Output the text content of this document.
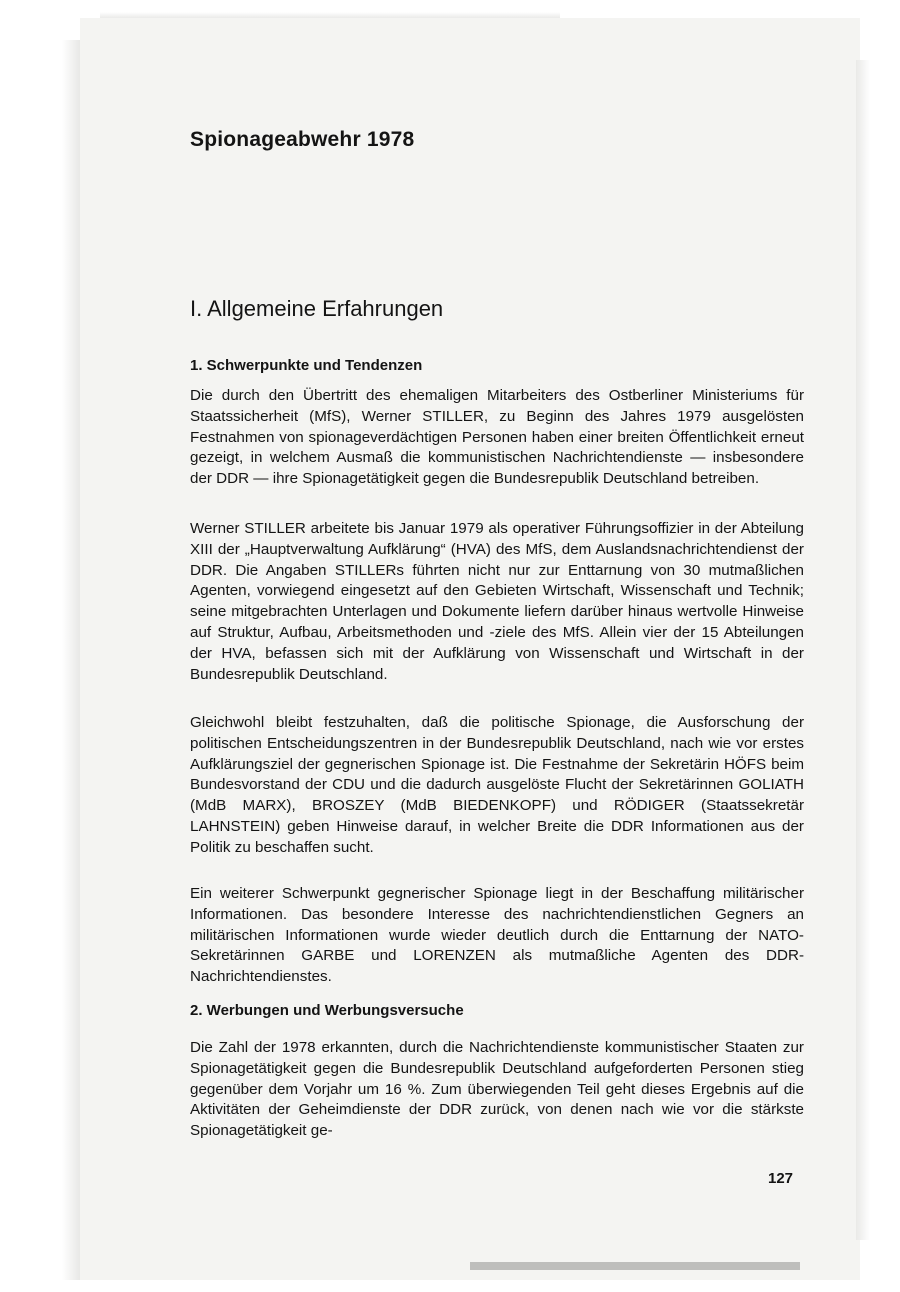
Spionageabwehr 1978
I. Allgemeine Erfahrungen
1. Schwerpunkte und Tendenzen

Die durch den Übertritt des ehemaligen Mitarbeiters des Ostberliner Ministeriums für Staatssicherheit (MfS), Werner STILLER, zu Beginn des Jahres 1979 ausgelösten Festnahmen von spionageverdächtigen Personen haben einer breiten Öffentlichkeit erneut gezeigt, in welchem Ausmaß die kommunistischen Nachrichtendienste — insbesondere der DDR — ihre Spionagetätigkeit gegen die Bundesrepublik Deutschland betreiben.

Werner STILLER arbeitete bis Januar 1979 als operativer Führungsoffizier in der Abteilung XIII der „Hauptverwaltung Aufklärung“ (HVA) des MfS, dem Auslandsnachrichtendienst der DDR. Die Angaben STILLERs führten nicht nur zur Enttarnung von 30 mutmaßlichen Agenten, vorwiegend eingesetzt auf den Gebieten Wirtschaft, Wissenschaft und Technik; seine mitgebrachten Unterlagen und Dokumente liefern darüber hinaus wertvolle Hinweise auf Struktur, Aufbau, Arbeitsmethoden und -ziele des MfS. Allein vier der 15 Abteilungen der HVA, befassen sich mit der Aufklärung von Wissenschaft und Wirtschaft in der Bundesrepublik Deutschland.

Gleichwohl bleibt festzuhalten, daß die politische Spionage, die Ausforschung der politischen Entscheidungszentren in der Bundesrepublik Deutschland, nach wie vor erstes Aufklärungsziel der gegnerischen Spionage ist. Die Festnahme der Sekretärin HÖFS beim Bundesvorstand der CDU und die dadurch ausgelöste Flucht der Sekretärinnen GOLIATH (MdB MARX), BROSZEY (MdB BIEDENKOPF) und RÖDIGER (Staatssekretär LAHNSTEIN) geben Hinweise darauf, in welcher Breite die DDR Informationen aus der Politik zu beschaffen sucht.

Ein weiterer Schwerpunkt gegnerischer Spionage liegt in der Beschaffung militärischer Informationen. Das besondere Interesse des nachrichtendienstlichen Gegners an militärischen Informationen wurde wieder deutlich durch die Enttarnung der NATO-Sekretärinnen GARBE und LORENZEN als mutmaßliche Agenten des DDR-Nachrichtendienstes.

2. Werbungen und Werbungsversuche

Die Zahl der 1978 erkannten, durch die Nachrichtendienste kommunistischer Staaten zur Spionagetätigkeit gegen die Bundesrepublik Deutschland aufgeforderten Personen stieg gegenüber dem Vorjahr um 16 %. Zum überwiegenden Teil geht dieses Ergebnis auf die Aktivitäten der Geheimdienste der DDR zurück, von denen nach wie vor die stärkste Spionagetätigkeit ge-

127
